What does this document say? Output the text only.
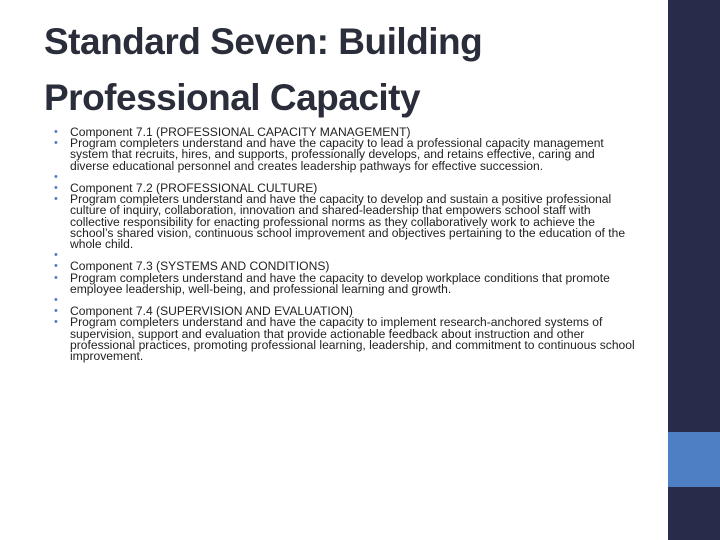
Standard Seven: Building
Professional Capacity
• Component 7.1 (PROFESSIONAL CAPACITY MANAGEMENT)
• Program completers understand and have the capacity to lead a professional capacity management system that recruits, hires, and supports, professionally develops, and retains effective, caring and diverse educational personnel and creates leadership pathways for effective succession.
•
• Component 7.2 (PROFESSIONAL CULTURE)
• Program completers understand and have the capacity to develop and sustain a positive professional culture of inquiry, collaboration, innovation and shared-leadership that empowers school staff with collective responsibility for enacting professional norms as they collaboratively work to achieve the school’s shared vision, continuous school improvement and objectives pertaining to the education of the whole child.
•
• Component 7.3 (SYSTEMS AND CONDITIONS)
• Program completers understand and have the capacity to develop workplace conditions that promote employee leadership, well-being, and professional learning and growth.
•
• Component 7.4 (SUPERVISION AND EVALUATION)
• Program completers understand and have the capacity to implement research-anchored systems of supervision, support and evaluation that provide actionable feedback about instruction and other professional practices, promoting professional learning, leadership, and commitment to continuous school improvement.
